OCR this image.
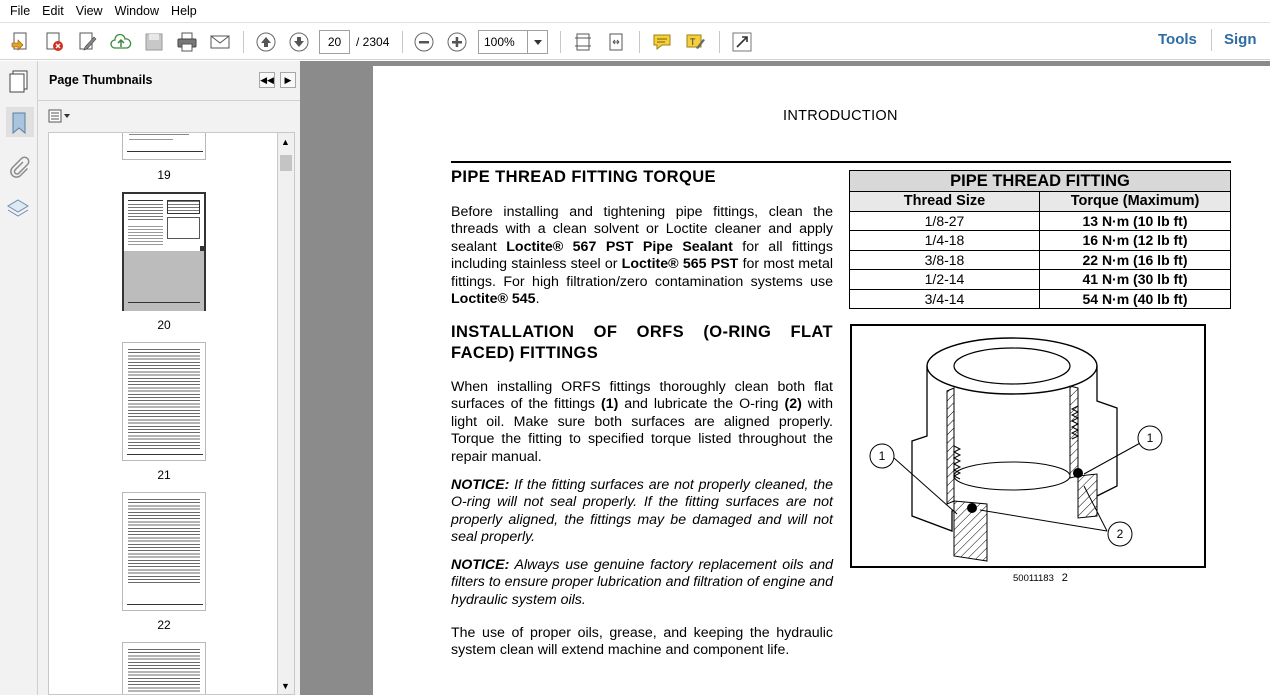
File Edit View Window Help
20	/ 2304	100%	T	Tools Sign
Page Thumbnails	◀◀	▶
19
20
21
22
▲
▼
INTRODUCTION
PIPE THREAD FITTING TORQUE
Before installing and tightening pipe fittings, clean the threads with a clean solvent or Loctite cleaner and apply sealant Loctite® 567 PST Pipe Sealant for all fittings including stainless steel or Loctite® 565 PST for most metal fittings. For high filtration/zero contamination systems use Loctite® 545.
INSTALLATION OF ORFS (O-RING FLAT FACED) FITTINGS
When installing ORFS fittings thoroughly clean both flat surfaces of the fittings (1) and lubricate the O-ring (2) with light oil. Make sure both surfaces are aligned properly. Torque the fitting to specified torque listed throughout the repair manual.
NOTICE: If the fitting surfaces are not properly cleaned, the O-ring will not seal properly. If the fitting surfaces are not properly aligned, the fittings may be damaged and will not seal properly.
NOTICE: Always use genuine factory replacement oils and filters to ensure proper lubrication and filtration of engine and hydraulic system oils.
The use of proper oils, grease, and keeping the hydraulic system clean will extend machine and component life.
PIPE THREAD FITTING	
Thread Size	Torque (Maximum)
1/8-27	13 N·m (10 lb ft)
1/4-18	16 N·m (12 lb ft)
3/8-18	22 N·m (16 lb ft)
1/2-14	41 N·m (30 lb ft)
3/4-14	54 N·m (40 lb ft)
1
1
2
50011183 2
